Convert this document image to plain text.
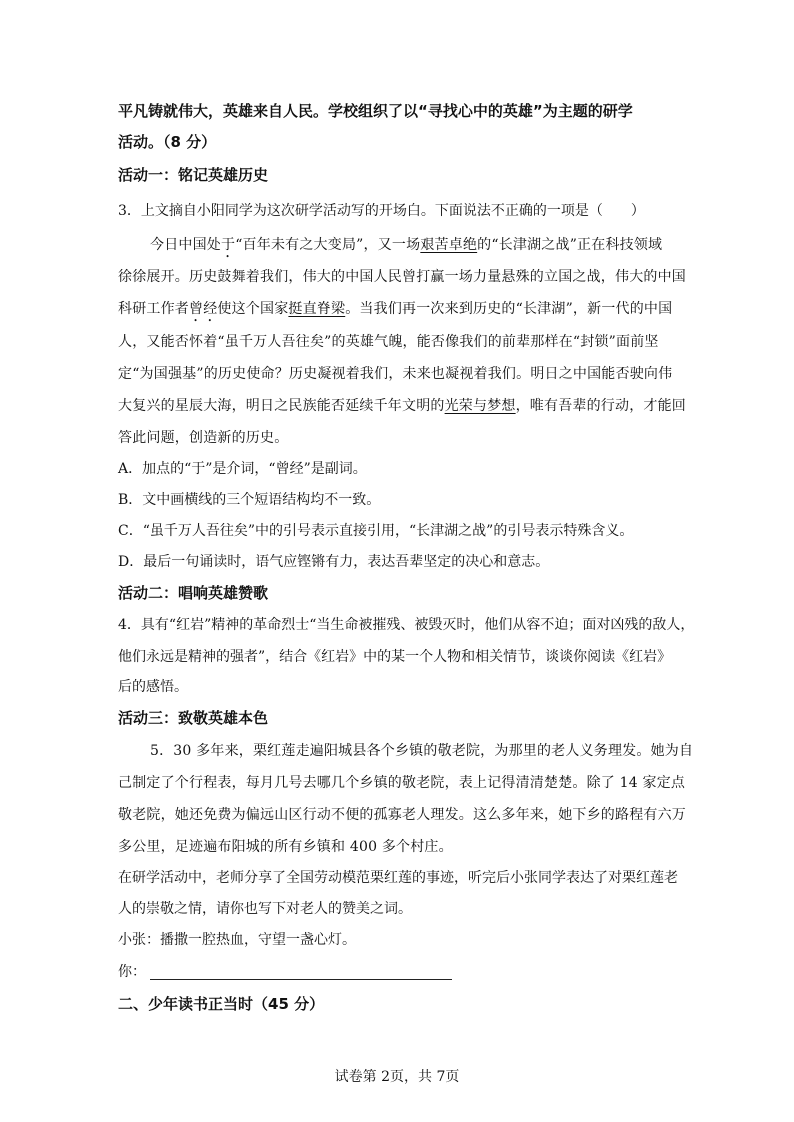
平凡铸就伟大，英雄来自人民。学校组织了以“寻找心中的英雄”为主题的研学
活动。（8 分）
活动一：铭记英雄历史
3．上文摘自小阳同学为这次研学活动写的开场白。下面说法不正确的一项是（　　）
今日中国处于“百年未有之大变局”，又一场艰苦卓绝的“长津湖之战”正在科技领域
徐徐展开。历史鼓舞着我们，伟大的中国人民曾打赢一场力量悬殊的立国之战，伟大的中国
科研工作者曾经使这个国家挺直脊梁。当我们再一次来到历史的“长津湖”，新一代的中国
人，又能否怀着“虽千万人吾往矣”的英雄气魄，能否像我们的前辈那样在“封锁”面前坚
定“为国强基”的历史使命？历史凝视着我们，未来也凝视着我们。明日之中国能否驶向伟
大复兴的星辰大海，明日之民族能否延续千年文明的光荣与梦想，唯有吾辈的行动，才能回
答此问题，创造新的历史。
A．加点的“于”是介词，“曾经”是副词。
B．文中画横线的三个短语结构均不一致。
C．“虽千万人吾往矣”中的引号表示直接引用，“长津湖之战”的引号表示特殊含义。
D．最后一句诵读时，语气应铿锵有力，表达吾辈坚定的决心和意志。
活动二：唱响英雄赞歌
4．具有“红岩”精神的革命烈士“当生命被摧残、被毁灭时，他们从容不迫；面对凶残的敌人，
他们永远是精神的强者”，结合《红岩》中的某一个人物和相关情节，谈谈你阅读《红岩》
后的感悟。
活动三：致敬英雄本色
5．30 多年来，栗红莲走遍阳城县各个乡镇的敬老院，为那里的老人义务理发。她为自
己制定了个行程表，每月几号去哪几个乡镇的敬老院，表上记得清清楚楚。除了 14 家定点
敬老院，她还免费为偏远山区行动不便的孤寡老人理发。这么多年来，她下乡的路程有六万
多公里，足迹遍布阳城的所有乡镇和 400 多个村庄。
在研学活动中，老师分享了全国劳动模范栗红莲的事迹，听完后小张同学表达了对栗红莲老
人的崇敬之情，请你也写下对老人的赞美之词。
小张：播撒一腔热血，守望一盏心灯。
你：
二、少年读书正当时（45 分）
试卷第 2页，共 7页
